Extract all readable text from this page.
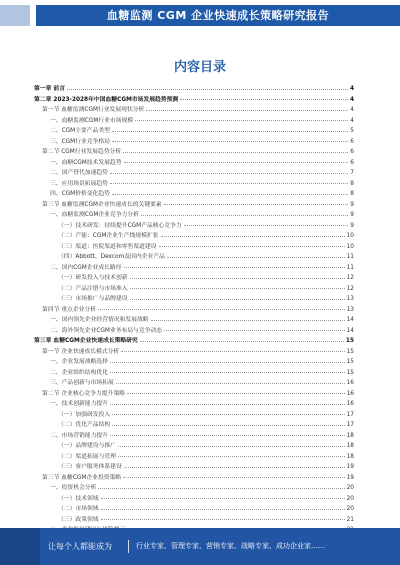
血糖监测 CGM 企业快速成长策略研究报告
内容目录
第一章 前言	4
第二章 2023-2028年中国血糖CGM市场发展趋势预测	4
第一节 血糖监测CGM行业发展现状分析	4
一、血糖监测CGM行业市场规模	4
二、CGM主要产品类型	5
三、CGM行业竞争格局	6
第二节 CGM行业发展趋势分析	6
一、血糖CGM技术发展趋势	6
二、国产替代加速趋势	7
三、应用场景拓展趋势	8
四、CGM价格变化趋势	8
第三节 血糖监测CGM企业快速成长的关键要素	9
一、血糖监测CGM企业竞争力分析	9
（一）技术研发：持续提升CGM产品核心竞争力	9
（二）产能：CGM企业生产线规模扩张	10
（三）渠道：医院渠道和零售渠道建设	10
（四）Abbott、Dexcom及国内企业产品	11
二、国内CGM企业成长路径	11
（一）研发投入与技术创新	12
（二）产品注册与市场准入	12
（三）市场推广与品牌建设	13
第四节 重点企业分析	13
一、国内领先企业经营情况和发展战略	14
二、海外领先企业CGM业务布局与竞争动态	14
第三章 血糖CGM企业快速成长策略研究	15
第一节 企业快速成长模式分析	15
一、企业发展战略选择	15
二、企业组织结构优化	15
三、产品创新与市场拓展	16
第二节 企业核心竞争力提升策略	16
一、技术创新能力提升	16
（一）加强研发投入	17
（二）优化产品结构	17
二、市场营销能力提升	18
（一）品牌建设与推广	18
（二）渠道拓展与管理	18
（三）客户服务体系建设	19
第三节 血糖CGM企业投资策略	19
一、投资机会分析	20
（一）技术领域	20
（二）市场领域	20
（三）政策领域	21
让每个人都能成为	行业专家、管理专家、营销专家、战略专家、成功企业家……
